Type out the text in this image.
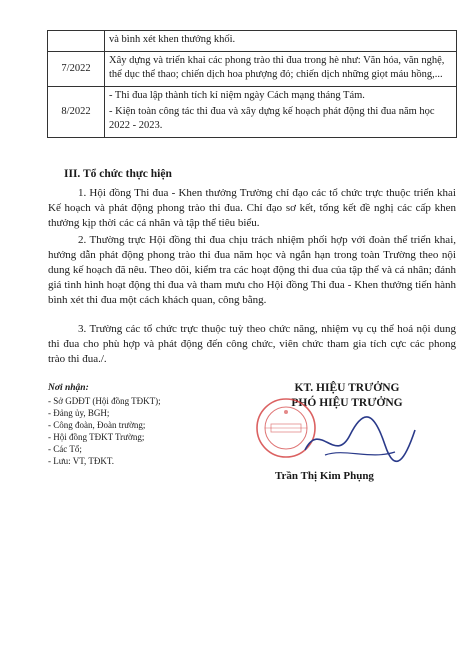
	và bình xét khen thưởng khối.

7/2022	Xây dựng và triển khai các phong trào thi đua trong hè như: Văn hóa, văn nghệ, thể dục thể thao; chiến dịch hoa phượng đỏ; chiến dịch những giọt máu hồng,...

8/2022	- Thi đua lập thành tích kỉ niệm ngày Cách mạng tháng Tám.

- Kiện toàn công tác thi đua và xây dựng kế hoạch phát động thi đua năm học 2022 - 2023.

III. Tổ chức thực hiện

1. Hội đồng Thi đua - Khen thưởng Trường chỉ đạo các tổ chức trực thuộc triển khai Kế hoạch và phát động phong trào thi đua. Chỉ đạo sơ kết, tổng kết đề nghị các cấp khen thưởng kịp thời các cá nhân và tập thể tiêu biểu.

2. Thường trực Hội đồng thi đua chịu trách nhiệm phối hợp với đoàn thể triển khai, hướng dẫn phát động phong trào thi đua năm học và ngắn hạn trong toàn Trường theo nội dung kế hoạch đã nêu. Theo dõi, kiểm tra các hoạt động thi đua của tập thể và cá nhân; đánh giá tình hình hoạt động thi đua và tham mưu cho Hội đồng Thi đua - Khen thưởng tiến hành bình xét thi đua một cách khách quan, công bằng.

3. Trường các tổ chức trực thuộc tuỳ theo chức năng, nhiệm vụ cụ thể hoá nội dung thi đua cho phù hợp và phát động đến công chức, viên chức tham gia tích cực các phong trào thi đua./.

Nơi nhận:
- Sở GDĐT (Hội đồng TĐKT);
- Đảng ủy, BGH;
- Công đoàn, Đoàn trường;
- Hội đồng TĐKT Trường;
- Các Tổ;
- Lưu: VT, TĐKT.
KT. HIỆU TRƯỞNG
PHÓ HIỆU TRƯỞNG
Trần Thị Kim Phụng
